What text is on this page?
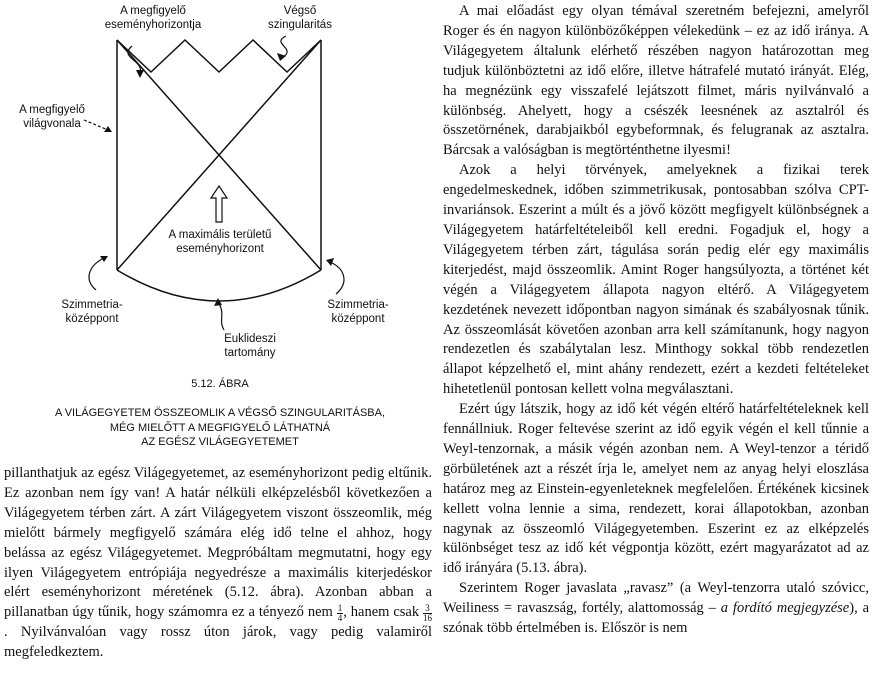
A megfigyelő
eseményhorizontja
Végső
szingularitás
A megfigyelő
világvonala
A maximális területű
eseményhorizont
Szimmetria-
középpont
Szimmetria-
középpont
Euklideszi
tartomány
5.12. ÁBRA
A VILÁGEGYETEM ÖSSZEOMLIK A VÉGSŐ SZINGULARITÁSBA,
MÉG MIELŐTT A MEGFIGYELŐ LÁTHATNÁ
AZ EGÉSZ VILÁGEGYETEMET

pillanthatjuk az egész Világegyetemet, az eseményhorizont pedig eltűnik. Ez azonban nem így van! A határ nélküli elképzelésből következően a Világegyetem térben zárt. A zárt Világegyetem viszont összeomlik, még mielőtt bármely megfigyelő számára elég idő telne el ahhoz, hogy belássa az egész Világegyetemet. Megpróbáltam megmutatni, hogy egy ilyen Világegyetem entrópiája negyedrésze a maximális kiterjedéskor elért eseményhorizont méretének (5.12. ábra). Azonban abban a pillanatban úgy tűnik, hogy számomra ez a tényező nem $\frac{1}{4}$ , hanem csak $\frac{3}{16}$
. Nyilvánvalóan vagy rossz úton járok, vagy pedig valamiről megfeledkeztem.

A mai előadást egy olyan témával szeretném befejezni, amelyről Roger és én nagyon különbözőképpen vélekedünk – ez az idő iránya. A Világegyetem általunk elérhető részében nagyon határozottan meg tudjuk különböztetni az idő előre, illetve hátrafelé mutató irányát. Elég, ha megnézünk egy visszafelé lejátszott filmet, máris nyilvánvaló a különbség. Ahelyett, hogy a csészék leesnének az asztalról és összetörnének, darabjaikból egybeformnak, és felugranak az asztalra. Bárcsak a valóságban is megtörténthetne ilyesmi!

Azok a helyi törvények, amelyeknek a fizikai terek engedelmeskednek, időben szimmetrikusak, pontosabban szólva CPT-invariánsok. Eszerint a múlt és a jövő között megfigyelt különbségnek a Világegyetem határfeltételeiből kell eredni. Fogadjuk el, hogy a Világegyetem térben zárt, tágulása során pedig elér egy maximális kiterjedést, majd összeomlik. Amint Roger hangsúlyozta, a történet két végén a Világegyetem állapota nagyon eltérő. A Világegyetem kezdetének nevezett időpontban nagyon simának és szabályosnak tűnik. Az összeomlását követően azonban arra kell számítanunk, hogy nagyon rendezetlen és szabálytalan lesz. Minthogy sokkal több rendezetlen állapot képzelhető el, mint ahány rendezett, ezért a kezdeti feltételeket hihetetlenül pontosan kellett volna megválasztani.

Ezért úgy látszik, hogy az idő két végén eltérő határfeltételeknek kell fennállniuk. Roger feltevése szerint az idő egyik végén el kell tűnnie a Weyl-tenzornak, a másik végén azonban nem. A Weyl-tenzor a téridő görbületének azt a részét írja le, amelyet nem az anyag helyi eloszlása határoz meg az Einstein-egyenleteknek megfelelően. Értékének kicsinek kellett volna lennie a sima, rendezett, korai állapotokban, azonban nagynak az összeomló Világegyetemben. Eszerint ez az elképzelés különbséget tesz az idő két végpontja között, ezért magyarázatot ad az idő irányára (5.13. ábra).

Szerintem Roger javaslata „ravasz” (a Weyl-tenzorra utaló szóvicc, Weiliness = ravaszság, fortély, alattomosság – a fordító megjegyzése), a szónak több értelmében is. Először is nem
